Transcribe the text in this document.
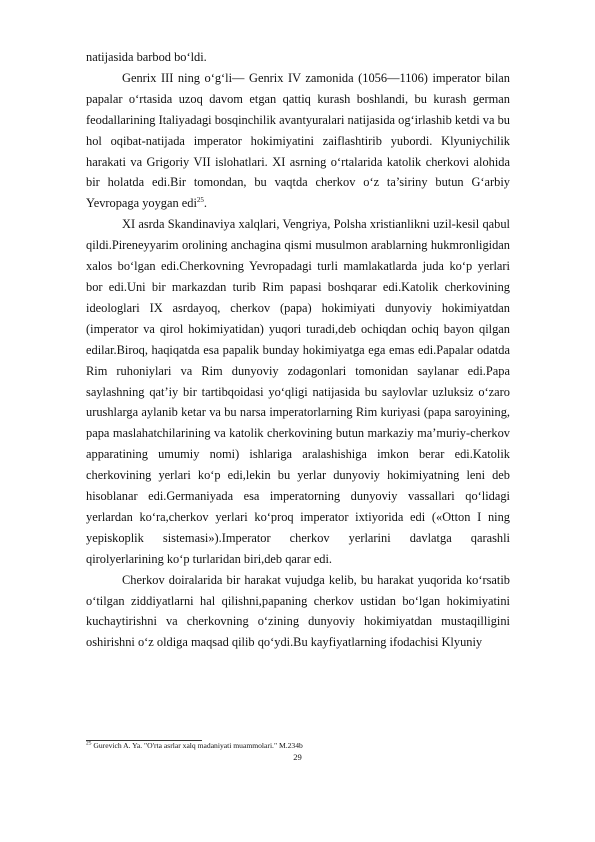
natijasida barbod bo‘ldi.

Genrix III ning o‘g‘li— Genrix IV zamonida (1056—1106) imperator bilan papalar o‘rtasida uzoq davom etgan qattiq kurash boshlandi, bu kurash german feodallarining Italiyadagi bosqinchilik avantyuralari natijasida og‘irlashib ketdi va bu hol oqibat-natijada imperator hokimiyatini zaiflashtirib yubordi. Klyuniychilik harakati va Grigoriy VII islohatlari. XI asrning o‘rtalarida katolik cherkovi alohida bir holatda edi.Bir tomondan, bu vaqtda cherkov o‘z ta’siriny butun G‘arbiy Yevropaga yoygan edi$^{25}$.

XI asrda Skandinaviya xalqlari, Vengriya, Polsha xristianlikni uzil-kesil qabul qildi.Pireneyyarim orolining anchagina qismi musulmon arablarning hukmronligidan xalos bo‘lgan edi.Cherkovning Yevropadagi turli mamlakatlarda juda ko‘p yerlari bor edi.Uni bir markazdan turib Rim papasi boshqarar edi.Katolik cherkovining ideologlari IX asrdayoq, cherkov (papa) hokimiyati dunyoviy hokimiyatdan (imperator va qirol hokimiyatidan) yuqori turadi,deb ochiqdan ochiq bayon qilgan edilar.Biroq, haqiqatda esa papalik bunday hokimiyatga ega emas edi.Papalar odatda Rim ruhoniylari va Rim dunyoviy zodagonlari tomonidan saylanar edi.Papa saylashning qat’iy bir tartibqoidasi yo‘qligi natijasida bu saylovlar uzluksiz o‘zaro urushlarga aylanib ketar va bu narsa imperatorlarning Rim kuriyasi (papa saroyining, papa maslahatchilarining va katolik cherkovining butun markaziy ma’muriy-cherkov apparatining umumiy nomi) ishlariga aralashishiga imkon berar edi.Katolik cherkovining yerlari ko‘p edi,lekin bu yerlar dunyoviy hokimiyatning leni deb hisoblanar edi.Germaniyada esa imperatorning dunyoviy vassallari qo‘lidagi yerlardan ko‘ra,cherkov yerlari ko‘proq imperator ixtiyorida edi («Otton I ning yepiskoplik sistemasi»).Imperator cherkov yerlarini davlatga qarashli qirolyerlarining ko‘p turlaridan biri,deb qarar edi.

Cherkov doiralarida bir harakat vujudga kelib, bu harakat yuqorida ko‘rsatib o‘tilgan ziddiyatlarni hal qilishni,papaning cherkov ustidan bo‘lgan hokimiyatini kuchaytirishni va cherkovning o‘zining dunyoviy hokimiyatdan mustaqilligini oshirishni o‘z oldiga maqsad qilib qo‘ydi.Bu kayfiyatlarning ifodachisi Klyuniy

$^{25}$ Gurevich A. Ya. "O'rta asrlar xalq madaniyati muammolari." M.234b
29
